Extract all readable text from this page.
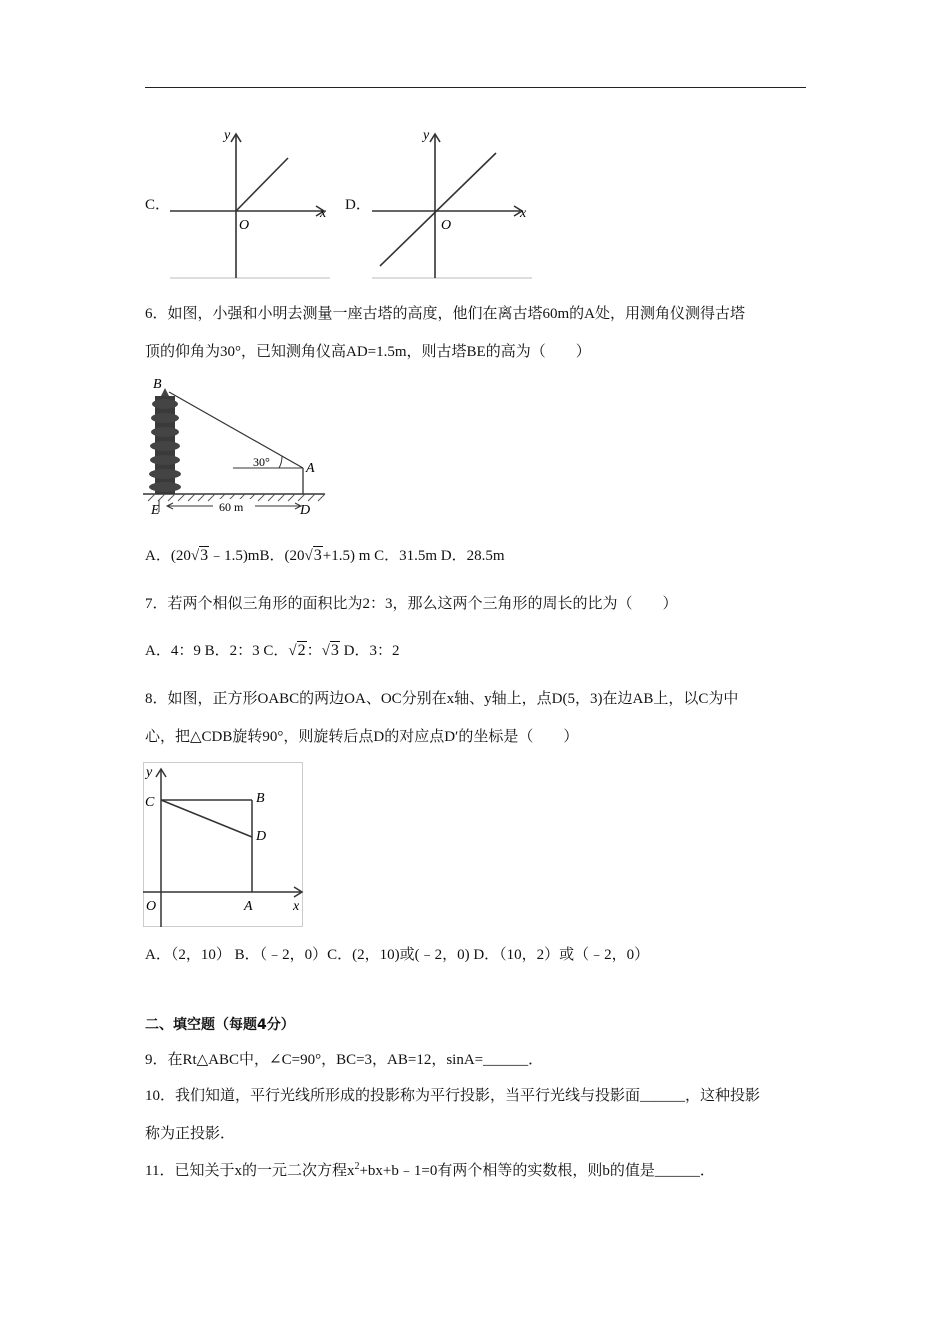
C．
y
x
O
D．
y
x
O
6．如图，小强和小明去测量一座古塔的高度，他们在离古塔60m的A处，用测角仪测得古塔
顶的仰角为30°，已知测角仪高AD=1.5m，则古塔BE的高为（　　）
60 m
30°
B
A
E	D
A．(20√3﹣1.5)mB．(20√3+1.5) m C．31.5m D．28.5m
7．若两个相似三角形的面积比为2：3，那么这两个三角形的周长的比为（　　）
A．4：9 B．2：3 C．√2：√3 D．3：2
8．如图，正方形OABC的两边OA、OC分别在x轴、y轴上，点D(5，3)在边AB上，以C为中
心，把△CDB旋转90°，则旋转后点D的对应点D′的坐标是（　　）
y
x
C	B
D
O	A
A．（2，10） B．（﹣2，0）C．(2，10)或(﹣2，0) D．（10，2）或（﹣2，0）
二、填空题（每题4分）
9．在Rt△ABC中，∠C=90°，BC=3，AB=12，sinA=______．
10．我们知道，平行光线所形成的投影称为平行投影，当平行光线与投影面______，这种投影
称为正投影．
11．已知关于x的一元二次方程$x^2+bx+b﹣1=0$有两个相等的实数根，则b的值是______．
